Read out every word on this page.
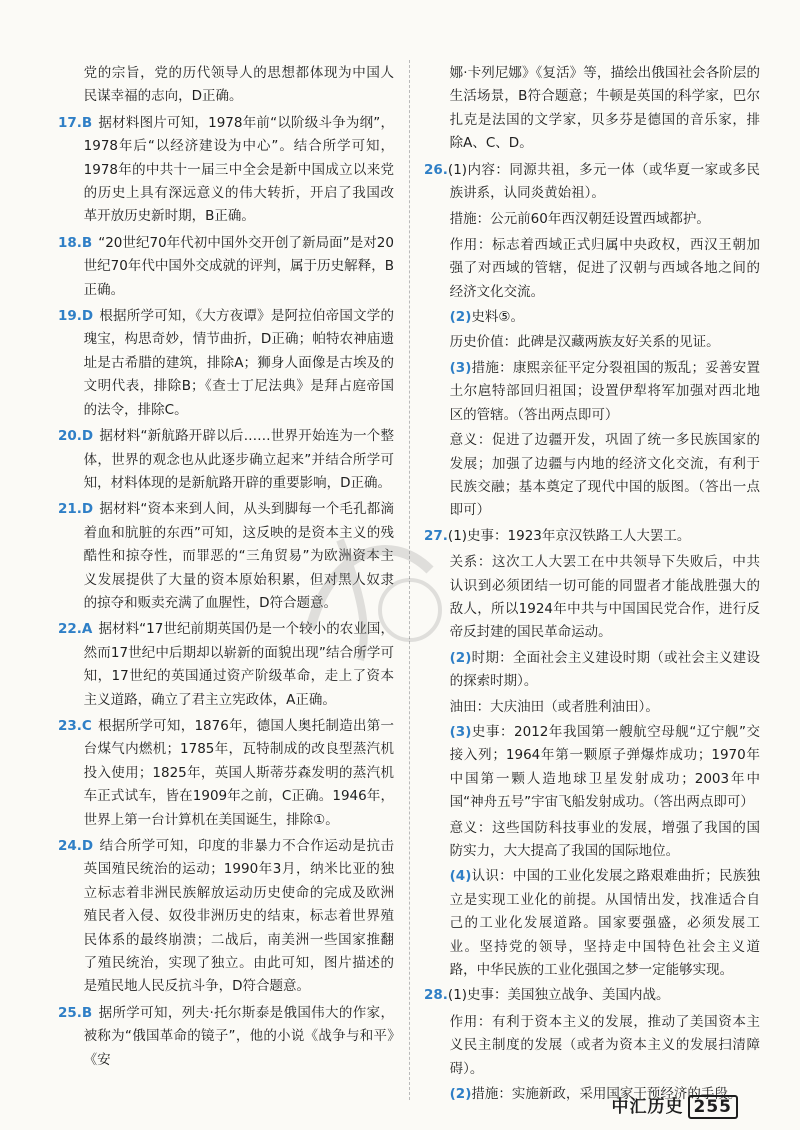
党的宗旨，党的历代领导人的思想都体现为中国人民谋幸福的志向，D正确。
17.B 据材料图片可知，1978年前“以阶级斗争为纲”，1978年后“以经济建设为中心”。结合所学可知，1978年的中共十一届三中全会是新中国成立以来党的历史上具有深远意义的伟大转折，开启了我国改革开放历史新时期，B正确。
18.B “20世纪70年代初中国外交开创了新局面”是对20世纪70年代中国外交成就的评判，属于历史解释，B正确。
19.D 根据所学可知，《大方夜谭》是阿拉伯帝国文学的瑰宝，构思奇妙，情节曲折，D正确；帕特农神庙遗址是古希腊的建筑，排除A；狮身人面像是古埃及的文明代表，排除B；《查士丁尼法典》是拜占庭帝国的法令，排除C。
20.D 据材料“新航路开辟以后……世界开始连为一个整体，世界的观念也从此逐步确立起来”并结合所学可知，材料体现的是新航路开辟的重要影响，D正确。
21.D 据材料“资本来到人间，从头到脚每一个毛孔都滴着血和肮脏的东西”可知，这反映的是资本主义的残酷性和掠夺性，而罪恶的“三角贸易”为欧洲资本主义发展提供了大量的资本原始积累，但对黑人奴隶的掠夺和贩卖充满了血腥性，D符合题意。
22.A 据材料“17世纪前期英国仍是一个较小的农业国，然而17世纪中后期却以崭新的面貌出现”结合所学可知，17世纪的英国通过资产阶级革命，走上了资本主义道路，确立了君主立宪政体，A正确。
23.C 根据所学可知，1876年，德国人奥托制造出第一台煤气内燃机；1785年，瓦特制成的改良型蒸汽机投入使用；1825年，英国人斯蒂芬森发明的蒸汽机车正式试车，皆在1909年之前，C正确。1946年，世界上第一台计算机在美国诞生，排除①。
24.D 结合所学可知，印度的非暴力不合作运动是抗击英国殖民统治的运动；1990年3月，纳米比亚的独立标志着非洲民族解放运动历史使命的完成及欧洲殖民者入侵、奴役非洲历史的结束，标志着世界殖民体系的最终崩溃；二战后，南美洲一些国家推翻了殖民统治，实现了独立。由此可知，图片描述的是殖民地人民反抗斗争，D符合题意。
25.B 据所学可知，列夫·托尔斯泰是俄国伟大的作家，被称为“俄国革命的镜子”，他的小说《战争与和平》《安
娜·卡列尼娜》《复活》等，描绘出俄国社会各阶层的生活场景，B符合题意；牛顿是英国的科学家，巴尔扎克是法国的文学家，贝多芬是德国的音乐家，排除A、C、D。
26.(1)内容：同源共祖，多元一体（或华夏一家或多民族讲系，认同炎黄始祖）。
措施：公元前60年西汉朝廷设置西域都护。
作用：标志着西域正式归属中央政权，西汉王朝加强了对西域的管辖，促进了汉朝与西域各地之间的经济文化交流。
(2)史料⑤。
历史价值：此碑是汉藏两族友好关系的见证。
(3)措施：康熙亲征平定分裂祖国的叛乱；妥善安置土尔扈特部回归祖国；设置伊犁将军加强对西北地区的管辖。（答出两点即可）
意义：促进了边疆开发，巩固了统一多民族国家的发展；加强了边疆与内地的经济文化交流，有利于民族交融；基本奠定了现代中国的版图。（答出一点即可）
27.(1)史事：1923年京汉铁路工人大罢工。
关系：这次工人大罢工在中共领导下失败后，中共认识到必须团结一切可能的同盟者才能战胜强大的敌人，所以1924年中共与中国国民党合作，进行反帝反封建的国民革命运动。
(2)时期：全面社会主义建设时期（或社会主义建设的探索时期）。
油田：大庆油田（或者胜利油田）。
(3)史事：2012年我国第一艘航空母舰“辽宁舰”交接入列；1964年第一颗原子弹爆炸成功；1970年中国第一颗人造地球卫星发射成功；2003年中国“神舟五号”宇宙飞船发射成功。（答出两点即可）
意义：这些国防科技事业的发展，增强了我国的国防实力，大大提高了我国的国际地位。
(4)认识：中国的工业化发展之路艰难曲折；民族独立是实现工业化的前提。从国情出发，找准适合自己的工业化发展道路。国家要强盛，必须发展工业。坚持党的领导，坚持走中国特色社会主义道路，中华民族的工业化强国之梦一定能够实现。
28.(1)史事：美国独立战争、美国内战。
作用：有利于资本主义的发展，推动了美国资本主义民主制度的发展（或者为资本主义的发展扫清障碍）。
(2)措施：实施新政，采用国家干预经济的手段。
中汇历史 255
